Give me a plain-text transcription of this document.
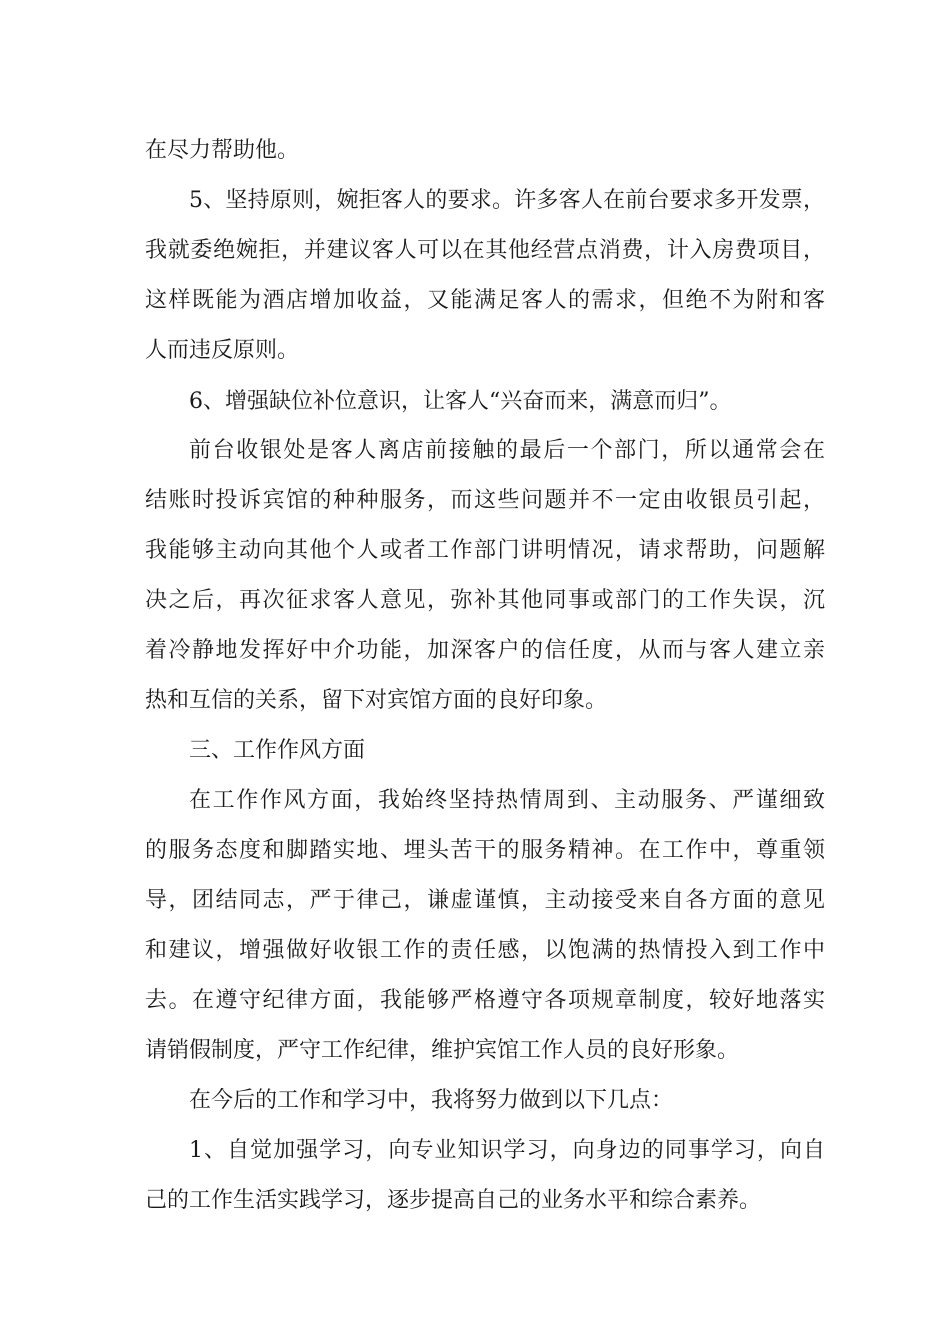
在尽力帮助他。

5、坚持原则，婉拒客人的要求。许多客人在前台要求多开发票，

我就委绝婉拒，并建议客人可以在其他经营点消费，计入房费项目，

这样既能为酒店增加收益，又能满足客人的需求，但绝不为附和客

人而违反原则。

6、增强缺位补位意识，让客人“兴奋而来，满意而归”。

前台收银处是客人离店前接触的最后一个部门，所以通常会在

结账时投诉宾馆的种种服务，而这些问题并不一定由收银员引起，

我能够主动向其他个人或者工作部门讲明情况，请求帮助，问题解

决之后，再次征求客人意见，弥补其他同事或部门的工作失误，沉

着冷静地发挥好中介功能，加深客户的信任度，从而与客人建立亲

热和互信的关系，留下对宾馆方面的良好印象。

三、工作作风方面

在工作作风方面，我始终坚持热情周到、主动服务、严谨细致

的服务态度和脚踏实地、埋头苦干的服务精神。在工作中，尊重领

导，团结同志，严于律己，谦虚谨慎，主动接受来自各方面的意见

和建议，增强做好收银工作的责任感，以饱满的热情投入到工作中

去。在遵守纪律方面，我能够严格遵守各项规章制度，较好地落实

请销假制度，严守工作纪律，维护宾馆工作人员的良好形象。

在今后的工作和学习中，我将努力做到以下几点：

1、自觉加强学习，向专业知识学习，向身边的同事学习，向自

己的工作生活实践学习，逐步提高自己的业务水平和综合素养。
